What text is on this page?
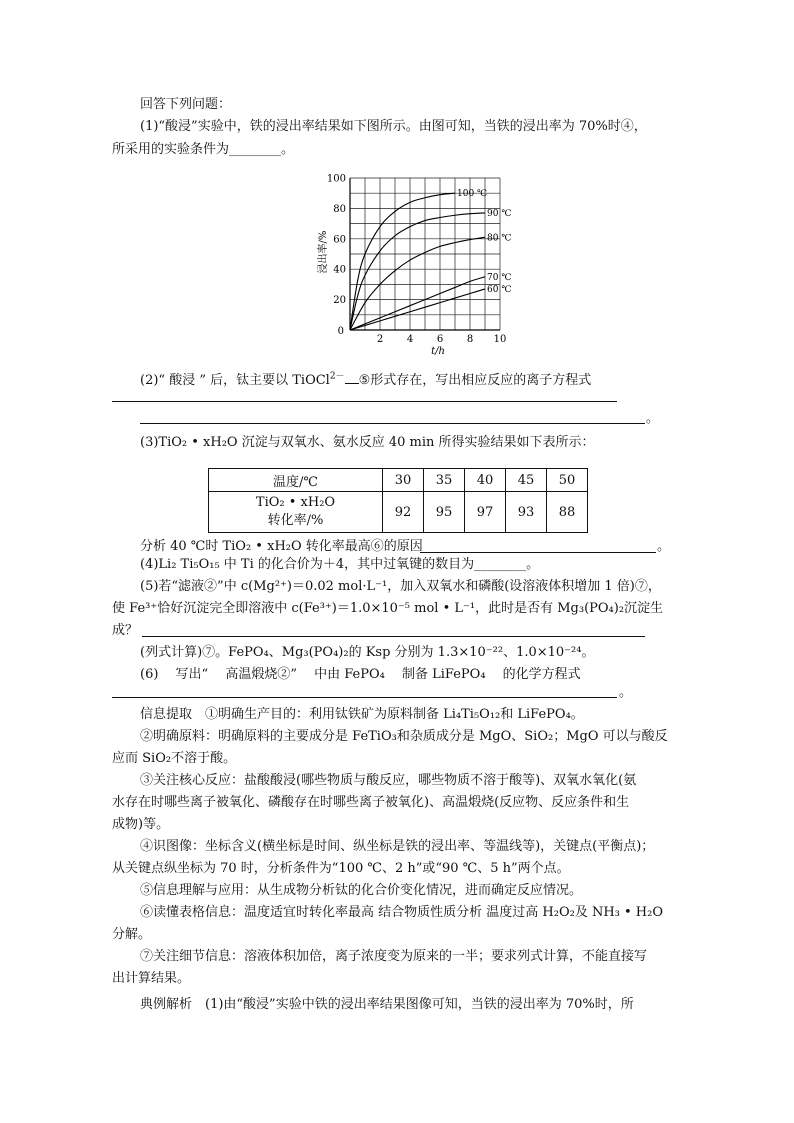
回答下列问题：
(1)“酸浸”实验中，铁的浸出率结果如下图所示。由图可知，当铁的浸出率为 70%时④，
所采用的实验条件为________。
2 4 6 8 10
0
20
40
60
80
100
100 ℃
90 ℃
80 ℃
70 ℃
60 ℃
浸出率/%
t/h
(2)“ 酸浸 ” 后，钛主要以 TiOCl$^{2-}$ ⑤形式存在，写出相应反应的离子方程式
。
(3)TiO₂ • xH₂O 沉淀与双氧水、氨水反应 40 min 所得实验结果如下表所示：
温度/℃	30	35	40	45	50

TiO₂ • xH₂O
转化率/%	92	95	97	93	88
分析 40 ℃时 TiO₂ • xH₂O 转化率最高⑥的原因	。
(4)Li₂ Ti₅O₁₅ 中 Ti 的化合价为＋4，其中过氧键的数目为________。
(5)若“滤液②”中 c(Mg²⁺)＝0.02 mol·L⁻¹，加入双氧水和磷酸(设溶液体积增加 1 倍)⑦，
使 Fe³⁺恰好沉淀完全即溶液中 c(Fe³⁺)＝1.0×10⁻⁵ mol • L⁻¹，此时是否有 Mg₃(PO₄)₂沉淀生
成？
(列式计算)⑦。FePO₄、Mg₃(PO₄)₂的 Ksp 分别为 1.3×10⁻²²、1.0×10⁻²⁴。
(6)　 写出“　 高温煅烧②”　 中由 FePO₄　 制备 LiFePO₄　 的化学方程式
。
信息提取　①明确生产目的：利用钛铁矿为原料制备 Li₄Ti₅O₁₂和 LiFePO₄。
②明确原料：明确原料的主要成分是 FeTiO₃和杂质成分是 MgO、SiO₂；MgO 可以与酸反
应而 SiO₂不溶于酸。
③关注核心反应：盐酸酸浸(哪些物质与酸反应，哪些物质不溶于酸等)、双氧水氧化(氨
水存在时哪些离子被氧化、磷酸存在时哪些离子被氧化)、高温煅烧(反应物、反应条件和生
成物)等。
④识图像：坐标含义(横坐标是时间、纵坐标是铁的浸出率、等温线等)，关键点(平衡点)；
从关键点纵坐标为 70 时，分析条件为“100 ℃、2 h”或“90 ℃、5 h”两个点。
⑤信息理解与应用：从生成物分析钛的化合价变化情况，进而确定反应情况。
⑥读懂表格信息：温度适宜时转化率最高 结合物质性质分析 温度过高 H₂O₂及 NH₃ • H₂O
分解。
⑦关注细节信息：溶液体积加倍，离子浓度变为原来的一半；要求列式计算，不能直接写
出计算结果。
典例解析　(1)由“酸浸”实验中铁的浸出率结果图像可知，当铁的浸出率为 70%时，所
